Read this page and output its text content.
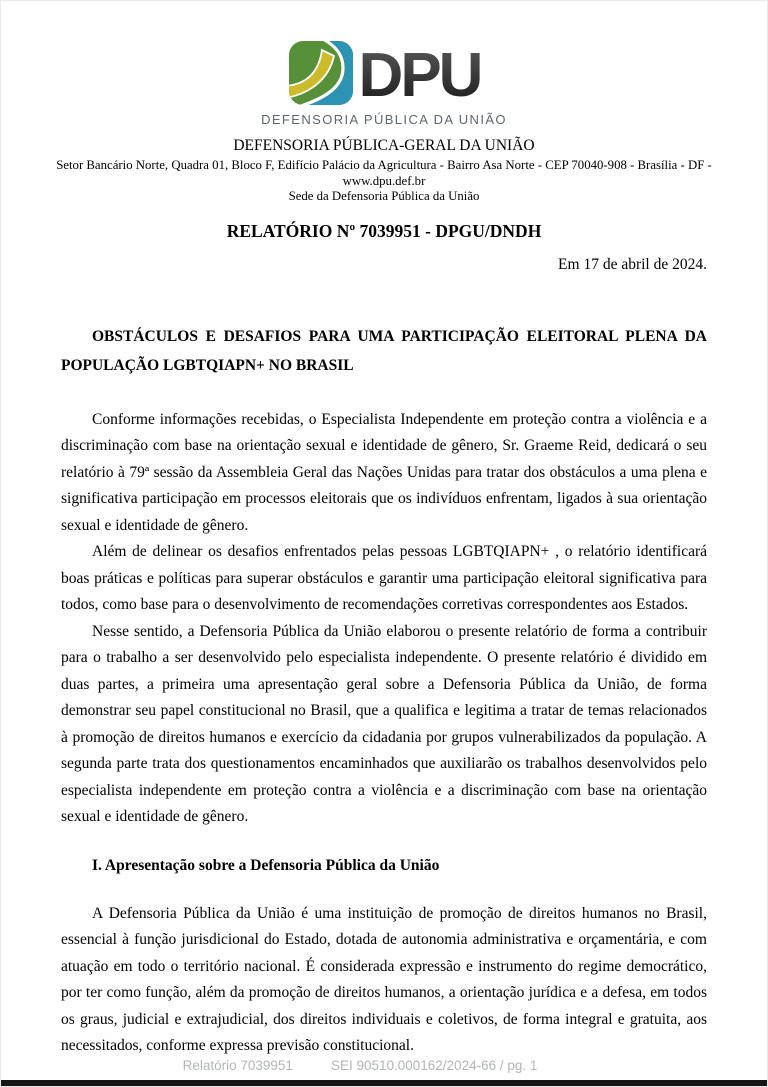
DPU
DEFENSORIA PÚBLICA DA UNIÃO
DEFENSORIA PÚBLICA-GERAL DA UNIÃO
Setor Bancário Norte, Quadra 01, Bloco F, Edifício Palácio da Agricultura - Bairro Asa Norte - CEP 70040-908 - Brasília - DF -
www.dpu.def.br
Sede da Defensoria Pública da União
RELATÓRIO Nº 7039951 - DPGU/DNDH
Em 17 de abril de 2024.
OBSTÁCULOS E DESAFIOS PARA UMA PARTICIPAÇÃO ELEITORAL PLENA DA POPULAÇÃO LGBTQIAPN+ NO BRASIL

Conforme informações recebidas, o Especialista Independente em proteção contra a violência e a discriminação com base na orientação sexual e identidade de gênero, Sr. Graeme Reid, dedicará o seu relatório à 79ª sessão da Assembleia Geral das Nações Unidas para tratar dos obstáculos a uma plena e significativa participação em processos eleitorais que os indivíduos enfrentam, ligados à sua orientação sexual e identidade de gênero.

Além de delinear os desafios enfrentados pelas pessoas LGBTQIAPN+ , o relatório identificará boas práticas e políticas para superar obstáculos e garantir uma participação eleitoral significativa para todos, como base para o desenvolvimento de recomendações corretivas correspondentes aos Estados.

Nesse sentido, a Defensoria Pública da União elaborou o presente relatório de forma a contribuir para o trabalho a ser desenvolvido pelo especialista independente. O presente relatório é dividido em duas partes, a primeira uma apresentação geral sobre a Defensoria Pública da União, de forma demonstrar seu papel constitucional no Brasil, que a qualifica e legitima a tratar de temas relacionados à promoção de direitos humanos e exercício da cidadania por grupos vulnerabilizados da população. A segunda parte trata dos questionamentos encaminhados que auxiliarão os trabalhos desenvolvidos pelo especialista independente em proteção contra a violência e a discriminação com base na orientação sexual e identidade de gênero.

I. Apresentação sobre a Defensoria Pública da União

A Defensoria Pública da União é uma instituição de promoção de direitos humanos no Brasil, essencial à função jurisdicional do Estado, dotada de autonomia administrativa e orçamentária, e com atuação em todo o território nacional. É considerada expressão e instrumento do regime democrático, por ter como função, além da promoção de direitos humanos, a orientação jurídica e a defesa, em todos os graus, judicial e extrajudicial, dos direitos individuais e coletivos, de forma integral e gratuita, aos necessitados, conforme expressa previsão constitucional.

Relatório 7039951	SEI 90510.000162/2024-66 / pg. 1
